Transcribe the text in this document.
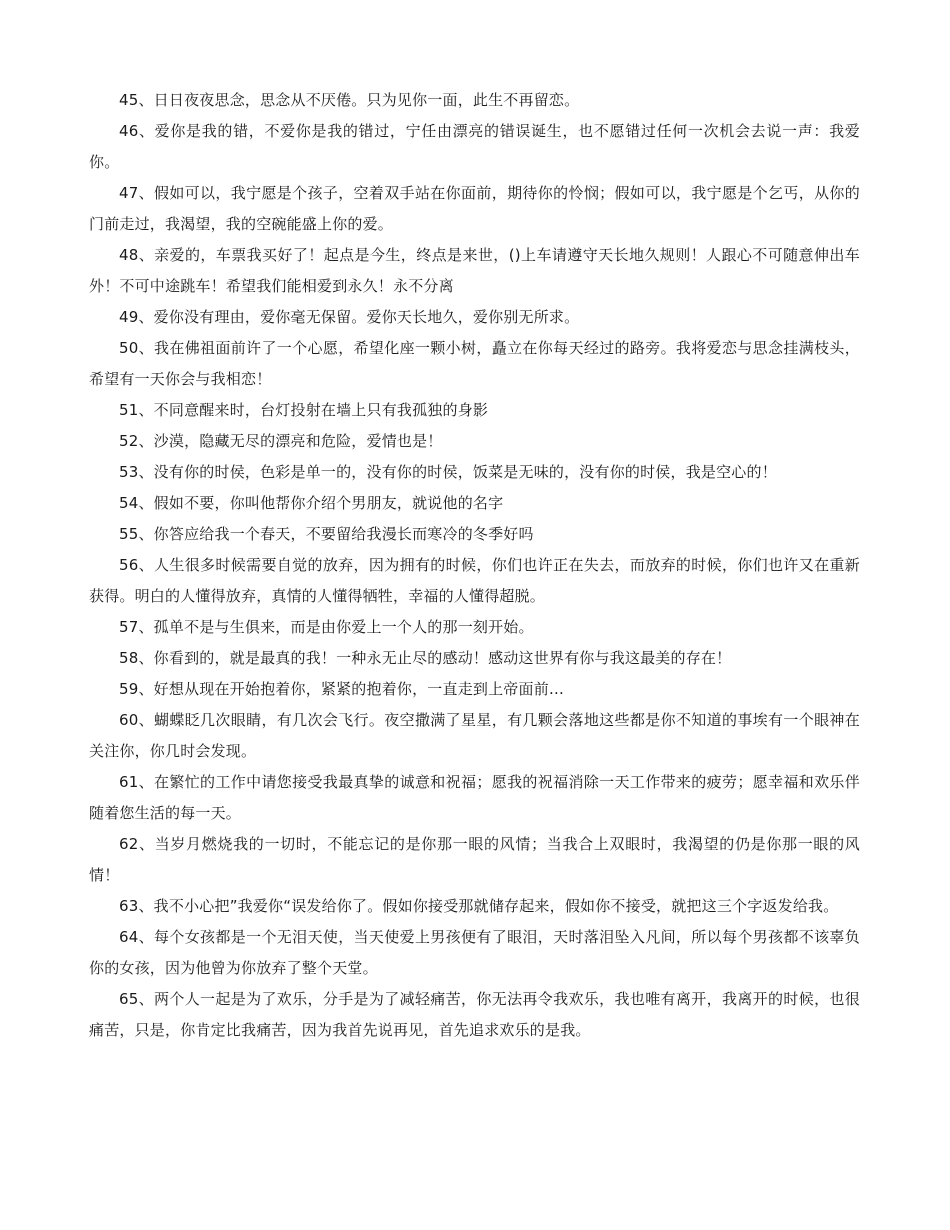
45、日日夜夜思念，思念从不厌倦。只为见你一面，此生不再留恋。

46、爱你是我的错，不爱你是我的错过，宁任由漂亮的错误诞生，也不愿错过任何一次机会去说一声：我爱你。

47、假如可以，我宁愿是个孩子，空着双手站在你面前，期待你的怜悯；假如可以，我宁愿是个乞丐，从你的门前走过，我渴望，我的空碗能盛上你的爱。

48、亲爱的，车票我买好了！起点是今生，终点是来世，()上车请遵守天长地久规则！人跟心不可随意伸出车外！不可中途跳车！希望我们能相爱到永久！永不分离

49、爱你没有理由，爱你毫无保留。爱你天长地久，爱你别无所求。

50、我在佛祖面前许了一个心愿，希望化座一颗小树，矗立在你每天经过的路旁。我将爱恋与思念挂满枝头，希望有一天你会与我相恋！

51、不同意醒来时，台灯投射在墙上只有我孤独的身影

52、沙漠，隐藏无尽的漂亮和危险，爱情也是！

53、没有你的时侯，色彩是单一的，没有你的时侯，饭菜是无味的，没有你的时侯，我是空心的！

54、假如不要，你叫他帮你介绍个男朋友，就说他的名字

55、你答应给我一个春天，不要留给我漫长而寒冷的冬季好吗

56、人生很多时候需要自觉的放弃，因为拥有的时候，你们也许正在失去，而放弃的时候，你们也许又在重新获得。明白的人懂得放弃，真情的人懂得牺牲，幸福的人懂得超脱。

57、孤单不是与生俱来，而是由你爱上一个人的那一刻开始。

58、你看到的，就是最真的我！一种永无止尽的感动！感动这世界有你与我这最美的存在！

59、好想从现在开始抱着你，紧紧的抱着你，一直走到上帝面前…

60、蝴蝶眨几次眼睛，有几次会飞行。夜空撒满了星星，有几颗会落地这些都是你不知道的事埃有一个眼神在关注你，你几时会发现。

61、在繁忙的工作中请您接受我最真挚的诚意和祝福；愿我的祝福消除一天工作带来的疲劳；愿幸福和欢乐伴随着您生活的每一天。

62、当岁月燃烧我的一切时，不能忘记的是你那一眼的风情；当我合上双眼时，我渴望的仍是你那一眼的风情！

63、我不小心把”我爱你“误发给你了。假如你接受那就储存起来，假如你不接受，就把这三个字返发给我。

64、每个女孩都是一个无泪天使，当天使爱上男孩便有了眼泪，天时落泪坠入凡间，所以每个男孩都不该辜负你的女孩，因为他曾为你放弃了整个天堂。

65、两个人一起是为了欢乐，分手是为了减轻痛苦，你无法再令我欢乐，我也唯有离开，我离开的时候，也很痛苦，只是，你肯定比我痛苦，因为我首先说再见，首先追求欢乐的是我。
